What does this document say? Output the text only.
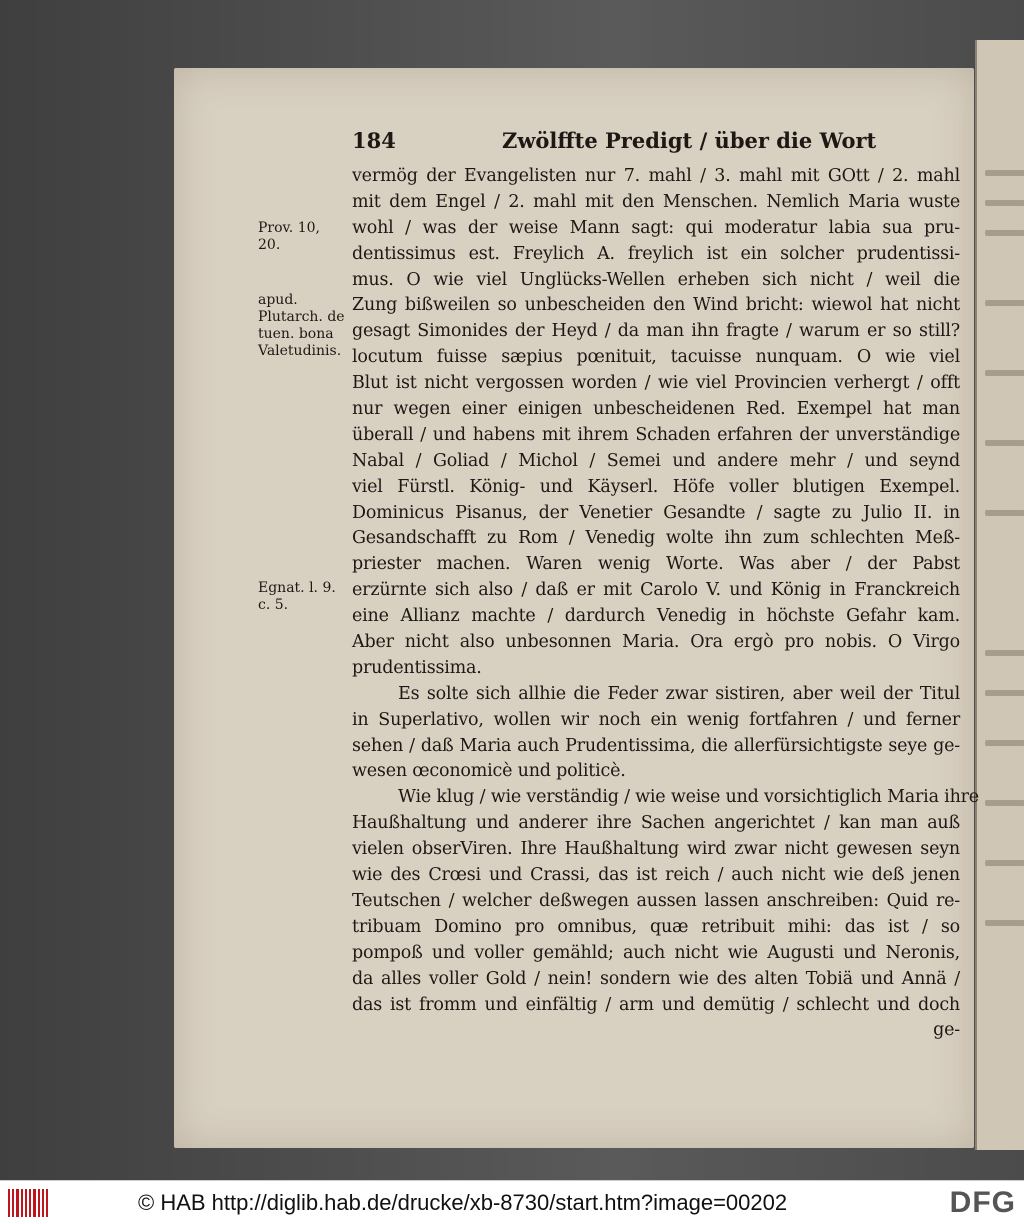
184	Zwölffte Predigt / über die Wort
Prov. 10, 20.
apud. Plutarch. de tuen. bona Valetudinis.
Egnat. l. 9. c. 5.
vermög der Evangelisten nur 7. mahl / 3. mahl mit GOtt / 2. mahl
mit dem Engel / 2. mahl mit den Menschen. Nemlich Maria wuste
wohl / was der weise Mann sagt: qui moderatur labia sua pru-
dentissimus est. Freylich A. freylich ist ein solcher prudentissi-
mus. O wie viel Unglücks-Wellen erheben sich nicht / weil die
Zung bißweilen so unbescheiden den Wind bricht: wiewol hat nicht
gesagt Simonides der Heyd / da man ihn fragte / warum er so still?
locutum fuisse sæpius pœnituit, tacuisse nunquam. O wie viel
Blut ist nicht vergossen worden / wie viel Provincien verhergt / offt
nur wegen einer einigen unbescheidenen Red. Exempel hat man
überall / und habens mit ihrem Schaden erfahren der unverständige
Nabal / Goliad / Michol / Semei und andere mehr / und seynd
viel Fürstl. König- und Käyserl. Höfe voller blutigen Exempel.
Dominicus Pisanus, der Venetier Gesandte / sagte zu Julio II. in
Gesandschafft zu Rom / Venedig wolte ihn zum schlechten Meß-
priester machen. Waren wenig Worte. Was aber / der Pabst
erzürnte sich also / daß er mit Carolo V. und König in Franckreich
eine Allianz machte / dardurch Venedig in höchste Gefahr kam.
Aber nicht also unbesonnen Maria. Ora ergò pro nobis. O Virgo
prudentissima.
Es solte sich allhie die Feder zwar sistiren, aber weil der Titul
in Superlativo, wollen wir noch ein wenig fortfahren / und ferner
sehen / daß Maria auch Prudentissima, die allerfürsichtigste seye ge-
wesen œconomicè und politicè.
Wie klug / wie verständig / wie weise und vorsichtiglich Maria ihre
Haußhaltung und anderer ihre Sachen angerichtet / kan man auß
vielen obserViren. Ihre Haußhaltung wird zwar nicht gewesen seyn
wie des Crœsi und Crassi, das ist reich / auch nicht wie deß jenen
Teutschen / welcher deßwegen aussen lassen anschreiben: Quid re-
tribuam Domino pro omnibus, quæ retribuit mihi: das ist / so
pompoß und voller gemähld; auch nicht wie Augusti und Neronis,
da alles voller Gold / nein! sondern wie des alten Tobiä und Annä /
das ist fromm und einfältig / arm und demütig / schlecht und doch
ge-
© HAB http://diglib.hab.de/drucke/xb-8730/start.htm?image=00202	DFG
